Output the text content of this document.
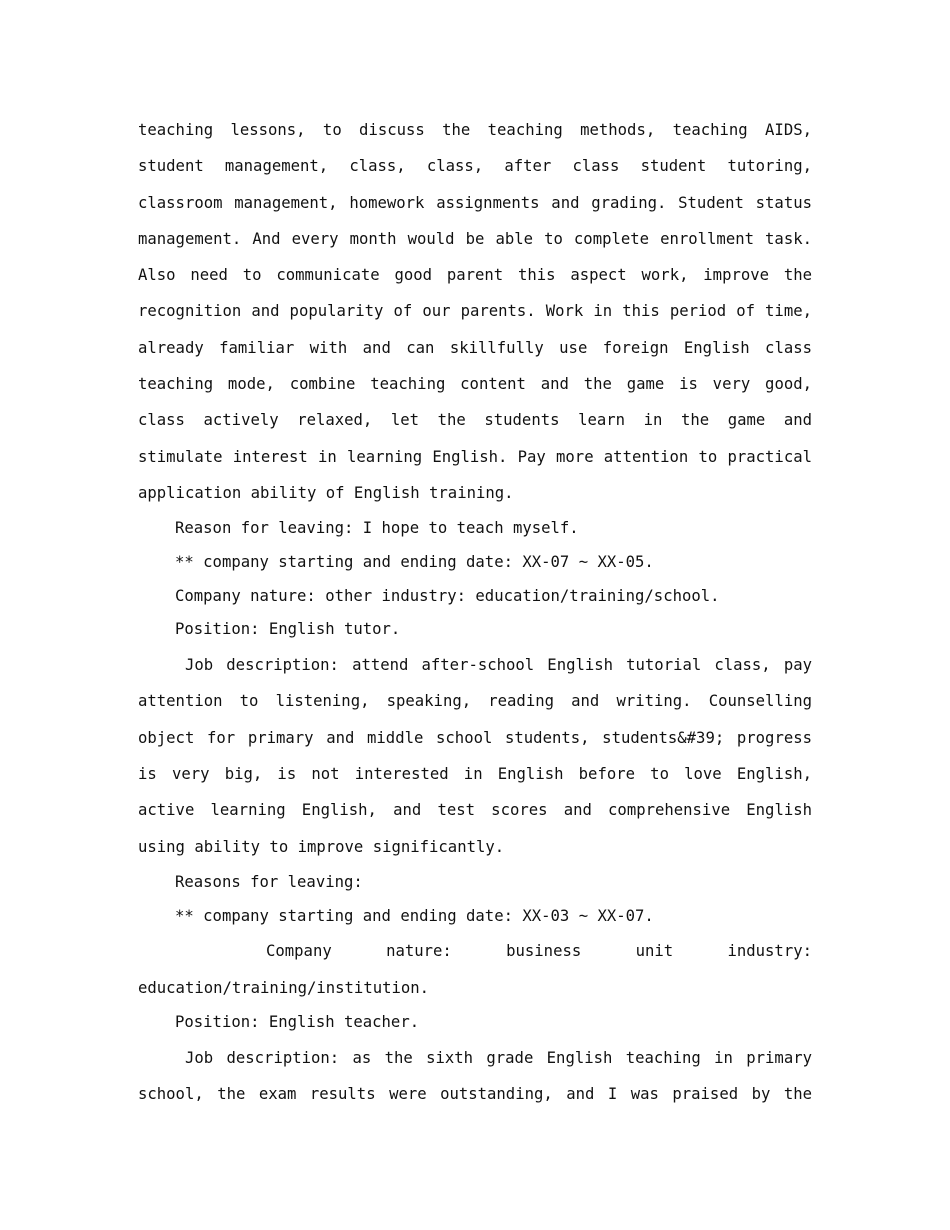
teaching lessons, to discuss the teaching methods, teaching AIDS, student management, class, class, after class student tutoring, classroom management, homework assignments and grading. Student status management. And every month would be able to complete enrollment task. Also need to communicate good parent this aspect work, improve the recognition and popularity of our parents. Work in this period of time, already familiar with and can skillfully use foreign English class teaching mode, combine teaching content and the game is very good, class actively relaxed, let the students learn in the game and stimulate interest in learning English. Pay more attention to practical application ability of English training.

Reason for leaving: I hope to teach myself.

** company starting and ending date: XX-07 ~ XX-05.

Company nature: other industry: education/training/school.

Position: English tutor.

Job description: attend after-school English tutorial class, pay attention to listening, speaking, reading and writing. Counselling object for primary and middle school students, students&#39; progress is very big, is not interested in English before to love English, active learning English, and test scores and comprehensive English using ability to improve significantly.

Reasons for leaving:

** company starting and ending date: XX-03 ~ XX-07.

Company nature: business unit industry: education/training/institution.

Position: English teacher.

Job description: as the sixth grade English teaching in primary school, the exam results were outstanding, and I was praised by the
